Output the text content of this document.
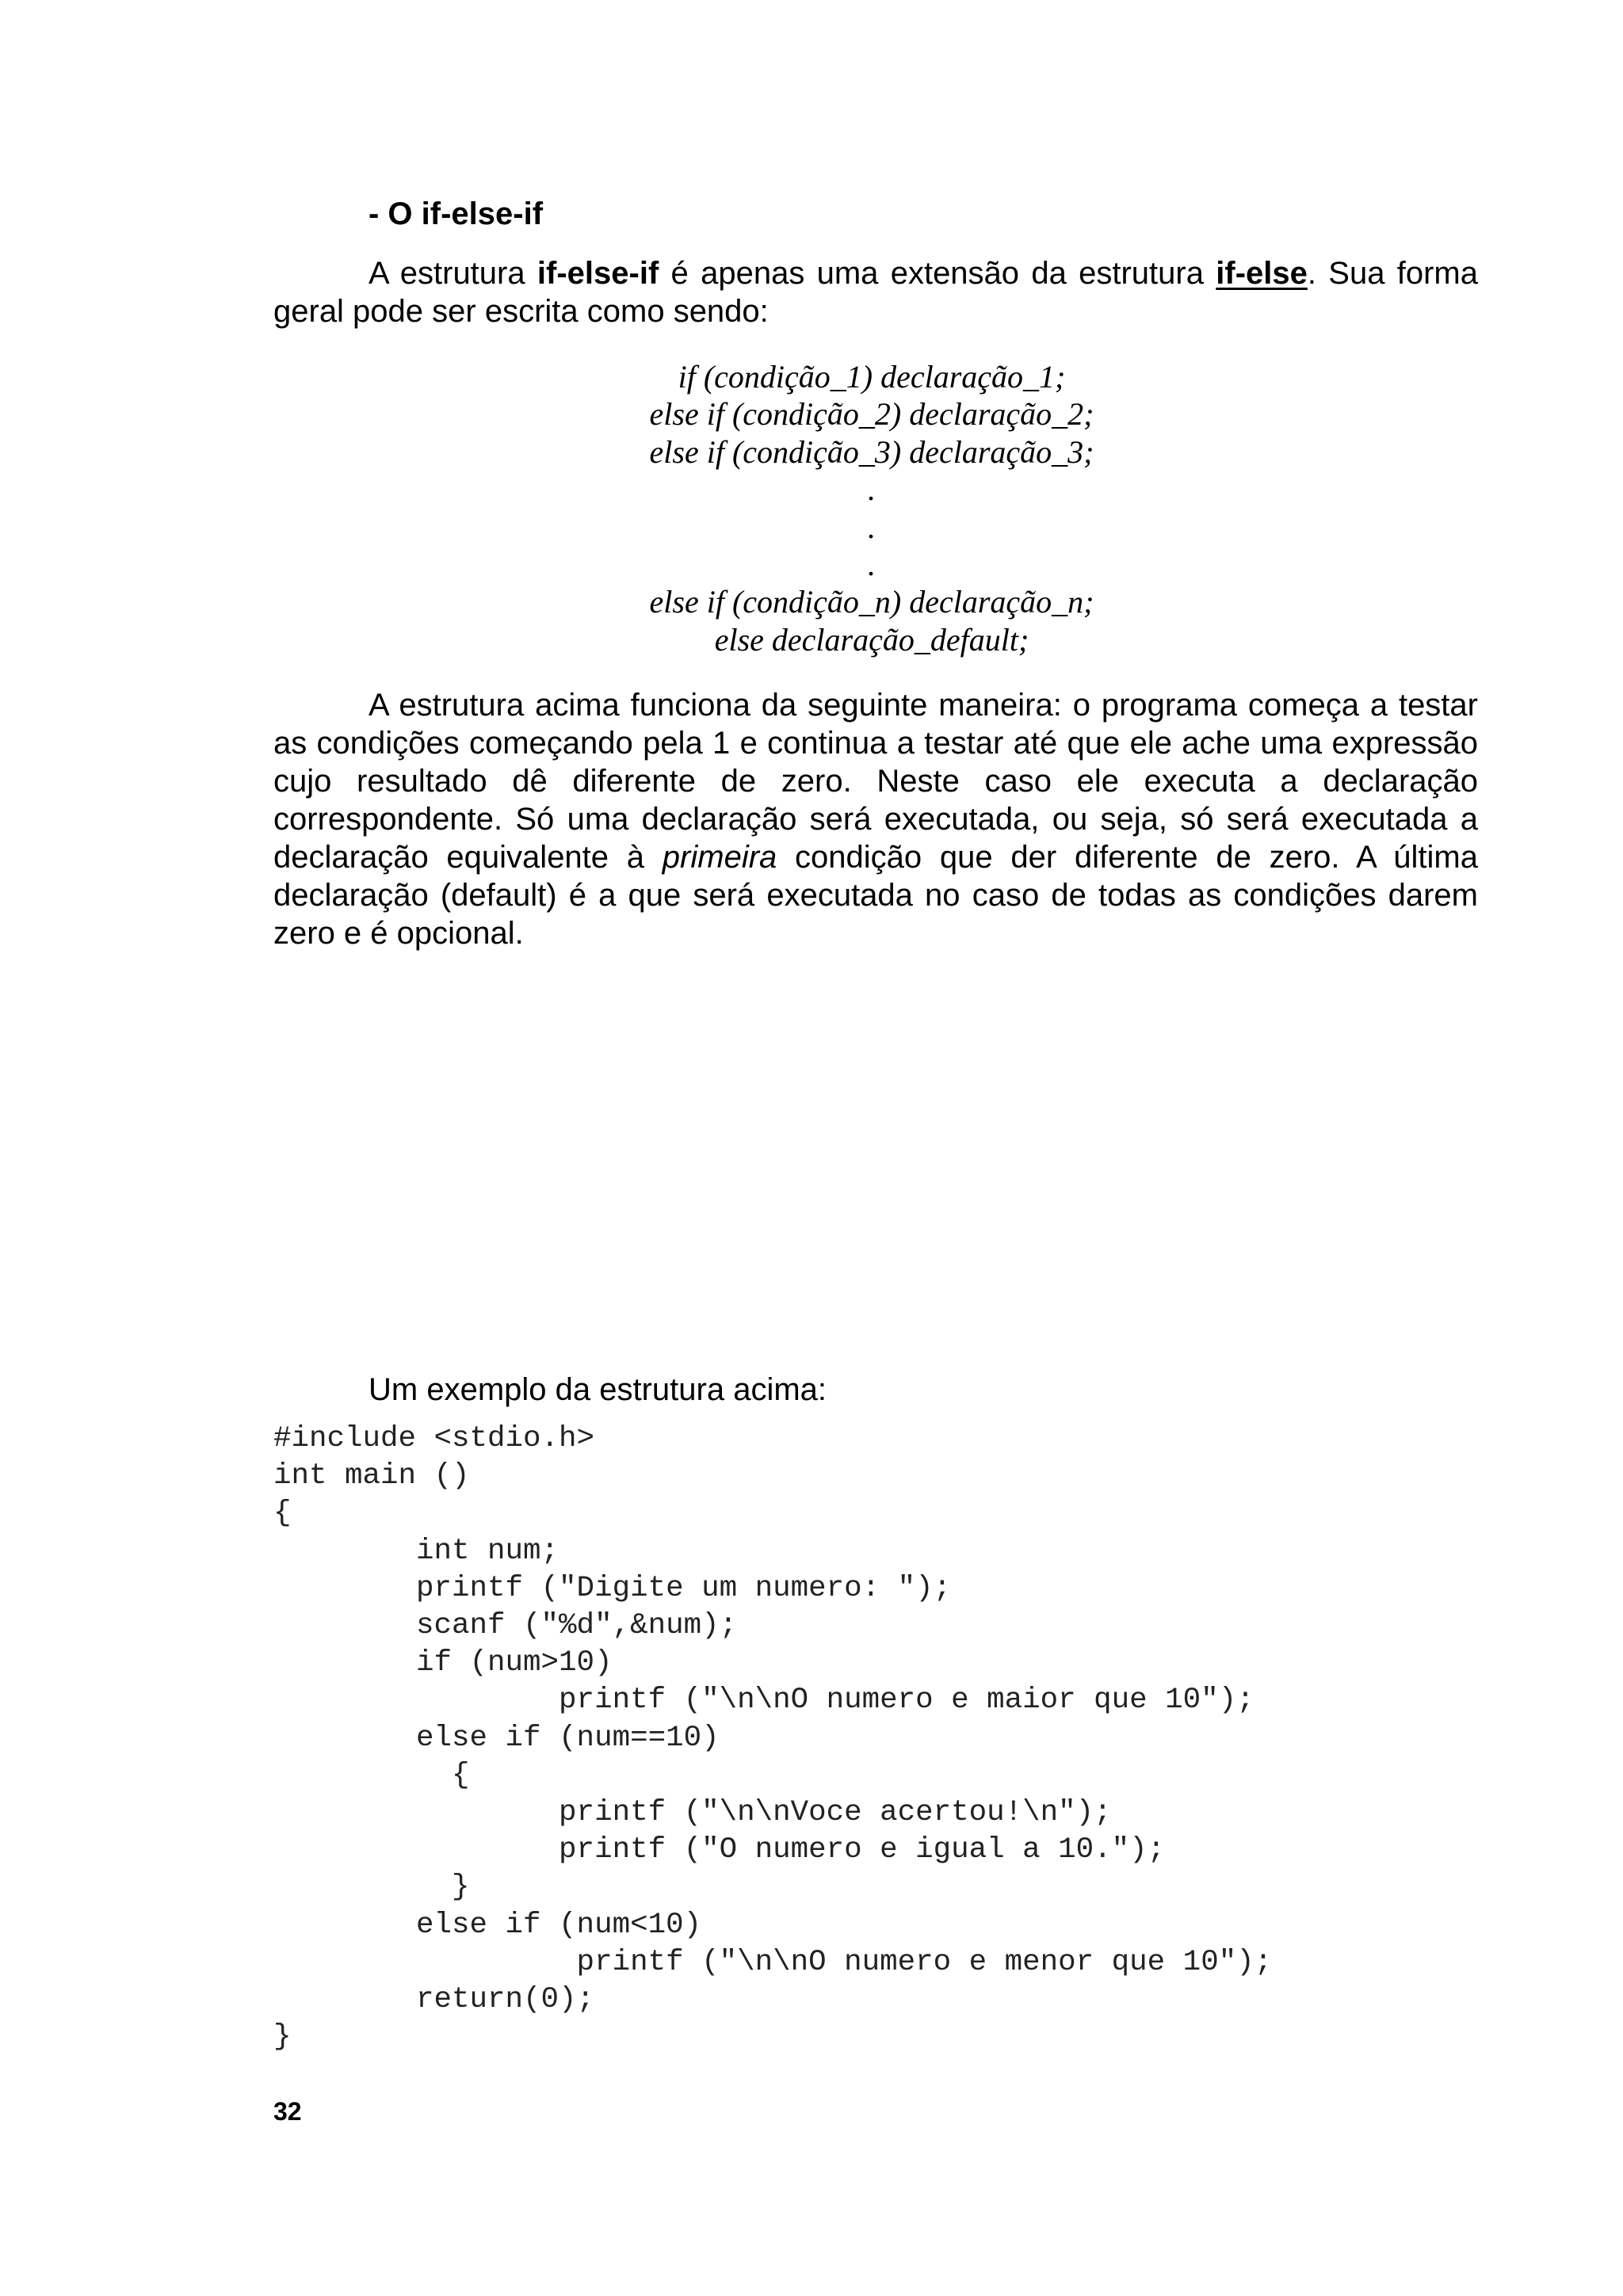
- O if-else-if
A estrutura if-else-if é apenas uma extensão da estrutura if-else. Sua forma geral pode ser escrita como sendo:
if (condição_1) declaração_1;
else if (condição_2) declaração_2;
else if (condição_3) declaração_3;
.
.
.
else if (condição_n) declaração_n;
else declaração_default;
A estrutura acima funciona da seguinte maneira: o programa começa a testar as condições começando pela 1 e continua a testar até que ele ache uma expressão cujo resultado dê diferente de zero. Neste caso ele executa a declaração correspondente. Só uma declaração será executada, ou seja, só será executada a declaração equivalente à primeira condição que der diferente de zero. A última declaração (default) é a que será executada no caso de todas as condições darem zero e é opcional.
Um exemplo da estrutura acima:
#include <stdio.h>
int main ()
{
int num;
printf ("Digite um numero: ");
scanf ("%d",&num);
if (num>10)
printf ("\n\nO numero e maior que 10");
else if (num==10)
{
printf ("\n\nVoce acertou!\n");
printf ("O numero e igual a 10.");
}
else if (num<10)
printf ("\n\nO numero e menor que 10");
return(0);
}
32
